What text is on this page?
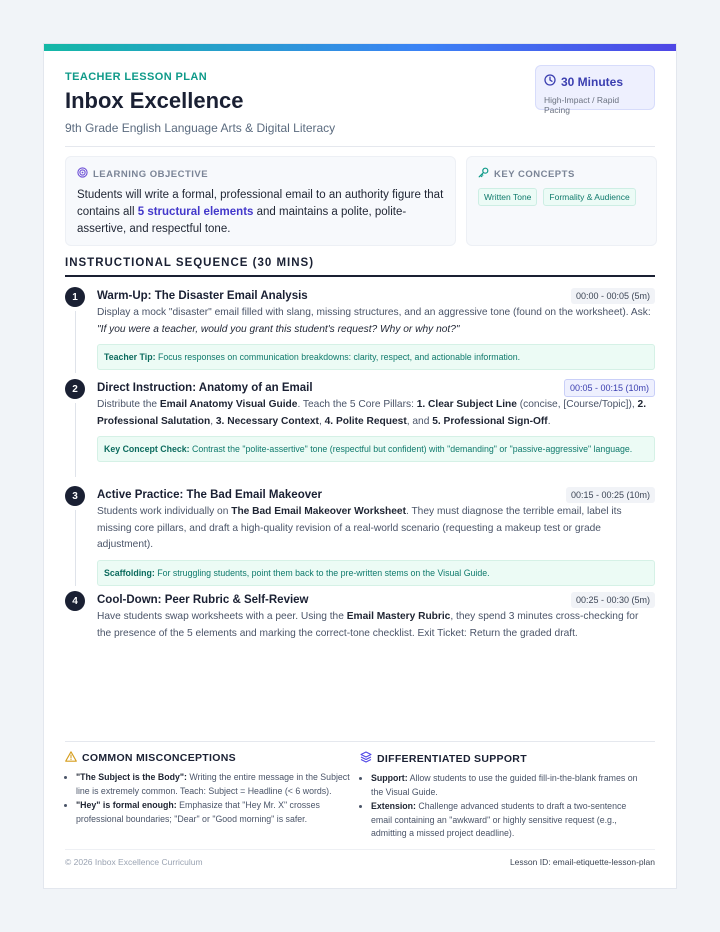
TEACHER LESSON PLAN
Inbox Excellence
9th Grade English Language Arts & Digital Literacy
30 Minutes
High-Impact / Rapid Pacing
LEARNING OBJECTIVE
Students will write a formal, professional email to an authority figure that contains all 5 structural elements and maintains a polite, polite-assertive, and respectful tone.
KEY CONCEPTS
Written Tone	Formality & Audience
INSTRUCTIONAL SEQUENCE (30 MINS)
1	Warm-Up: The Disaster Email Analysis	00:00 - 00:05 (5m)
Display a mock "disaster" email filled with slang, missing structures, and an aggressive tone (found on the worksheet). Ask: "If you were a teacher, would you grant this student's request? Why or why not?"
Teacher Tip: Focus responses on communication breakdowns: clarity, respect, and actionable information.
2	Direct Instruction: Anatomy of an Email	00:05 - 00:15 (10m)
Distribute the Email Anatomy Visual Guide. Teach the 5 Core Pillars: 1. Clear Subject Line (concise, [Course/Topic]), 2. Professional Salutation, 3. Necessary Context, 4. Polite Request, and 5. Professional Sign-Off.
Key Concept Check: Contrast the "polite-assertive" tone (respectful but confident) with "demanding" or "passive-aggressive" language.
3	Active Practice: The Bad Email Makeover	00:15 - 00:25 (10m)
Students work individually on The Bad Email Makeover Worksheet. They must diagnose the terrible email, label its missing core pillars, and draft a high-quality revision of a real-world scenario (requesting a makeup test or grade adjustment).
Scaffolding: For struggling students, point them back to the pre-written stems on the Visual Guide.
4	Cool-Down: Peer Rubric & Self-Review	00:25 - 00:30 (5m)
Have students swap worksheets with a peer. Using the Email Mastery Rubric, they spend 3 minutes cross-checking for the presence of the 5 elements and marking the correct-tone checklist. Exit Ticket: Return the graded draft.
COMMON MISCONCEPTIONS
• "The Subject is the Body": Writing the entire message in the Subject line is extremely common. Teach: Subject = Headline (< 6 words).
• "Hey" is formal enough: Emphasize that "Hey Mr. X" crosses professional boundaries; "Dear" or "Good morning" is safer.
DIFFERENTIATED SUPPORT
• Support: Allow students to use the guided fill-in-the-blank frames on the Visual Guide.
• Extension: Challenge advanced students to draft a two-sentence email containing an "awkward" or highly sensitive request (e.g., admitting a missed project deadline).
© 2026 Inbox Excellence Curriculum	Lesson ID: email-etiquette-lesson-plan
